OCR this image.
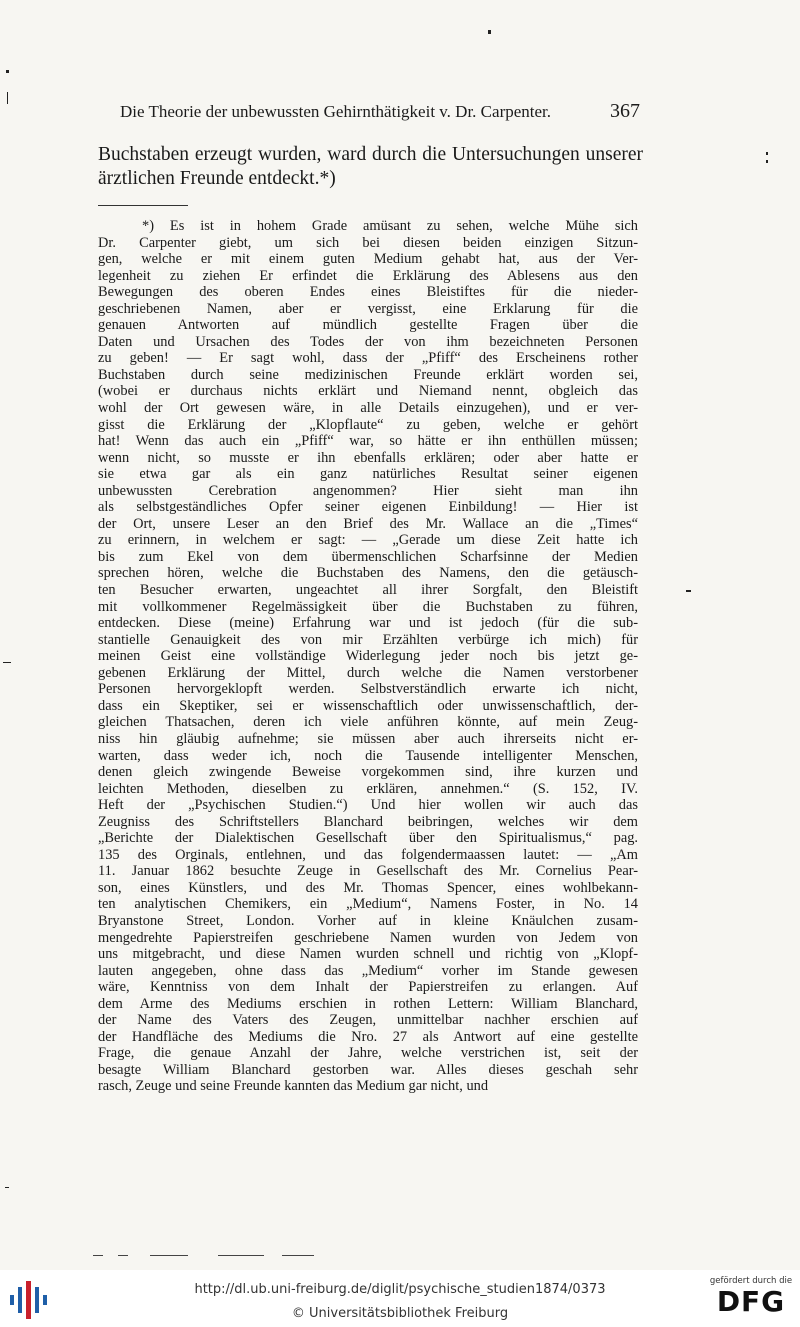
Die Theorie der unbewussten Gehirnthätigkeit v. Dr. Carpenter.	367
Buchstaben erzeugt wurden, ward durch die Untersuchungen unserer ärztlichen Freunde entdeckt.*)
*) Es ist in hohem Grade amüsant zu sehen, welche Mühe sich
Dr. Carpenter giebt, um sich bei diesen beiden einzigen Sitzun-
gen, welche er mit einem guten Medium gehabt hat, aus der Ver-
legenheit zu ziehen Er erfindet die Erklärung des Ablesens aus den
Bewegungen des oberen Endes eines Bleistiftes für die nieder-
geschriebenen Namen, aber er vergisst, eine Erklarung für die
genauen Antworten auf mündlich gestellte Fragen über die
Daten und Ursachen des Todes der von ihm bezeichneten Personen
zu geben! — Er sagt wohl, dass der „Pfiff“ des Erscheinens rother
Buchstaben durch seine medizinischen Freunde erklärt worden sei,
(wobei er durchaus nichts erklärt und Niemand nennt, obgleich das
wohl der Ort gewesen wäre, in alle Details einzugehen), und er ver-
gisst die Erklärung der „Klopflaute“ zu geben, welche er gehört
hat! Wenn das auch ein „Pfiff“ war, so hätte er ihn enthüllen müssen;
wenn nicht, so musste er ihn ebenfalls erklären; oder aber hatte er
sie etwa gar als ein ganz natürliches Resultat seiner eigenen
unbewussten Cerebration angenommen? Hier sieht man ihn
als selbstgeständliches Opfer seiner eigenen Einbildung! — Hier ist
der Ort, unsere Leser an den Brief des Mr. Wallace an die „Times“
zu erinnern, in welchem er sagt: — „Gerade um diese Zeit hatte ich
bis zum Ekel von dem übermenschlichen Scharfsinne der Medien
sprechen hören, welche die Buchstaben des Namens, den die getäusch-
ten Besucher erwarten, ungeachtet all ihrer Sorgfalt, den Bleistift
mit vollkommener Regelmässigkeit über die Buchstaben zu führen,
entdecken. Diese (meine) Erfahrung war und ist jedoch (für die sub-
stantielle Genauigkeit des von mir Erzählten verbürge ich mich) für
meinen Geist eine vollständige Widerlegung jeder noch bis jetzt ge-
gebenen Erklärung der Mittel, durch welche die Namen verstorbener
Personen hervorgeklopft werden. Selbstverständlich erwarte ich nicht,
dass ein Skeptiker, sei er wissenschaftlich oder unwissenschaftlich, der-
gleichen Thatsachen, deren ich viele anführen könnte, auf mein Zeug-
niss hin gläubig aufnehme; sie müssen aber auch ihrerseits nicht er-
warten, dass weder ich, noch die Tausende intelligenter Menschen,
denen gleich zwingende Beweise vorgekommen sind, ihre kurzen und
leichten Methoden, dieselben zu erklären, annehmen.“ (S. 152, IV.
Heft der „Psychischen Studien.“) Und hier wollen wir auch das
Zeugniss des Schriftstellers Blanchard beibringen, welches wir dem
„Berichte der Dialektischen Gesellschaft über den Spiritualismus,“ pag.
135 des Orginals, entlehnen, und das folgendermaassen lautet: — „Am
11. Januar 1862 besuchte Zeuge in Gesellschaft des Mr. Cornelius Pear-
son, eines Künstlers, und des Mr. Thomas Spencer, eines wohlbekann-
ten analytischen Chemikers, ein „Medium“, Namens Foster, in No. 14
Bryanstone Street, London. Vorher auf in kleine Knäulchen zusam-
mengedrehte Papierstreifen geschriebene Namen wurden von Jedem von
uns mitgebracht, und diese Namen wurden schnell und richtig von „Klopf-
lauten angegeben, ohne dass das „Medium“ vorher im Stande gewesen
wäre, Kenntniss von dem Inhalt der Papierstreifen zu erlangen. Auf
dem Arme des Mediums erschien in rothen Lettern: William Blanchard,
der Name des Vaters des Zeugen, unmittelbar nachher erschien auf
der Handfläche des Mediums die Nro. 27 als Antwort auf eine gestellte
Frage, die genaue Anzahl der Jahre, welche verstrichen ist, seit der
besagte William Blanchard gestorben war. Alles dieses geschah sehr
rasch, Zeuge und seine Freunde kannten das Medium gar nicht, und
http://dl.ub.uni-freiburg.de/diglit/psychische_studien1874/0373
© Universitätsbibliothek Freiburg
gefördert durch die
DFG
